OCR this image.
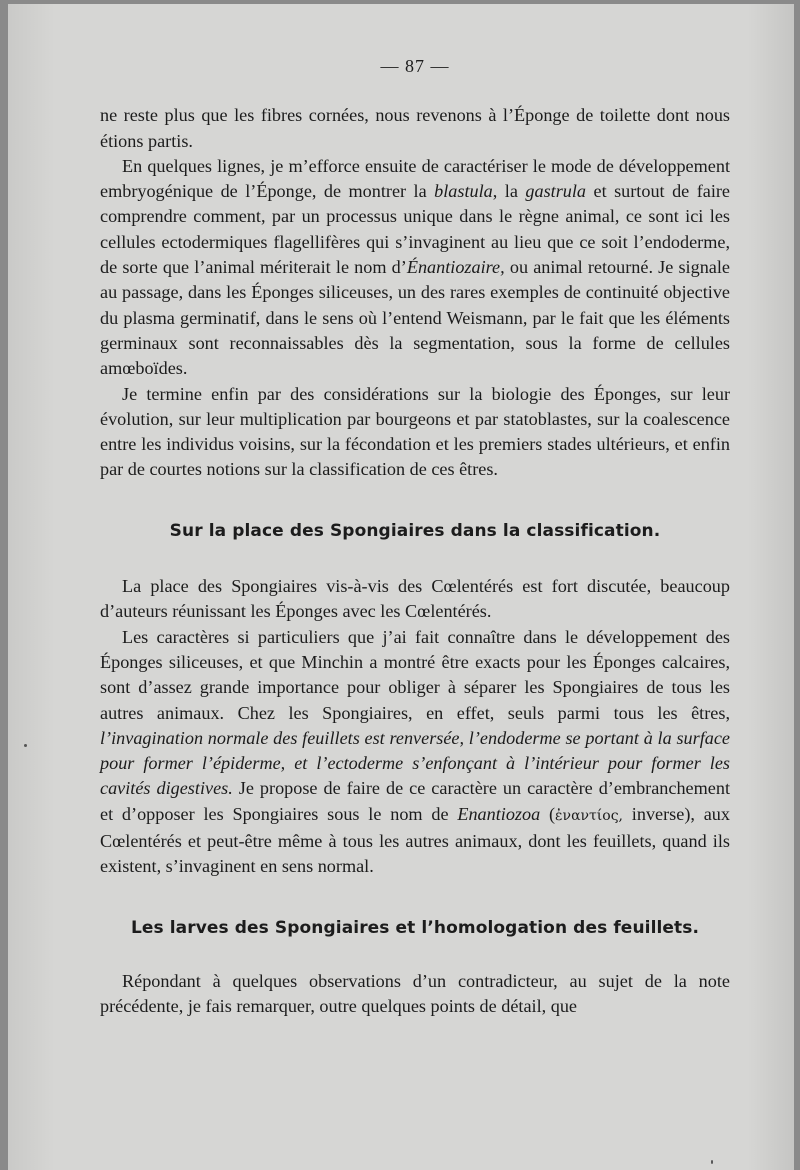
— 87 —

ne reste plus que les fibres cornées, nous revenons à l’Éponge de toilette dont nous étions partis.

En quelques lignes, je m’efforce ensuite de caractériser le mode de développement embryogénique de l’Éponge, de montrer la blastula, la gastrula et surtout de faire comprendre comment, par un processus unique dans le règne animal, ce sont ici les cellules ectodermiques flagellifères qui s’invaginent au lieu que ce soit l’endoderme, de sorte que l’animal mériterait le nom d’Énantiozaire, ou animal retourné. Je signale au passage, dans les Éponges siliceuses, un des rares exemples de continuité objective du plasma germinatif, dans le sens où l’entend Weismann, par le fait que les éléments germinaux sont reconnaissables dès la segmentation, sous la forme de cellules amœboïdes.

Je termine enfin par des considérations sur la biologie des Éponges, sur leur évolution, sur leur multiplication par bourgeons et par statoblastes, sur la coalescence entre les individus voisins, sur la fécondation et les premiers stades ultérieurs, et enfin par de courtes notions sur la classification de ces êtres.

Sur la place des Spongiaires dans la classification.

La place des Spongiaires vis-à-vis des Cœlentérés est fort discutée, beaucoup d’auteurs réunissant les Éponges avec les Cœlentérés.

Les caractères si particuliers que j’ai fait connaître dans le développement des Éponges siliceuses, et que Minchin a montré être exacts pour les Éponges calcaires, sont d’assez grande importance pour obliger à séparer les Spongiaires de tous les autres animaux. Chez les Spongiaires, en effet, seuls parmi tous les êtres, l’invagination normale des feuillets est renversée, l’endoderme se portant à la surface pour former l’épiderme, et l’ectoderme s’enfonçant à l’intérieur pour former les cavités digestives. Je propose de faire de ce caractère un caractère d’embranchement et d’opposer les Spongiaires sous le nom de Enantiozoa (ἐναντίος, inverse), aux Cœlentérés et peut-être même à tous les autres animaux, dont les feuillets, quand ils existent, s’invaginent en sens normal.

Les larves des Spongiaires et l’homologation des feuillets.

Répondant à quelques observations d’un contradicteur, au sujet de la note précédente, je fais remarquer, outre quelques points de détail, que
